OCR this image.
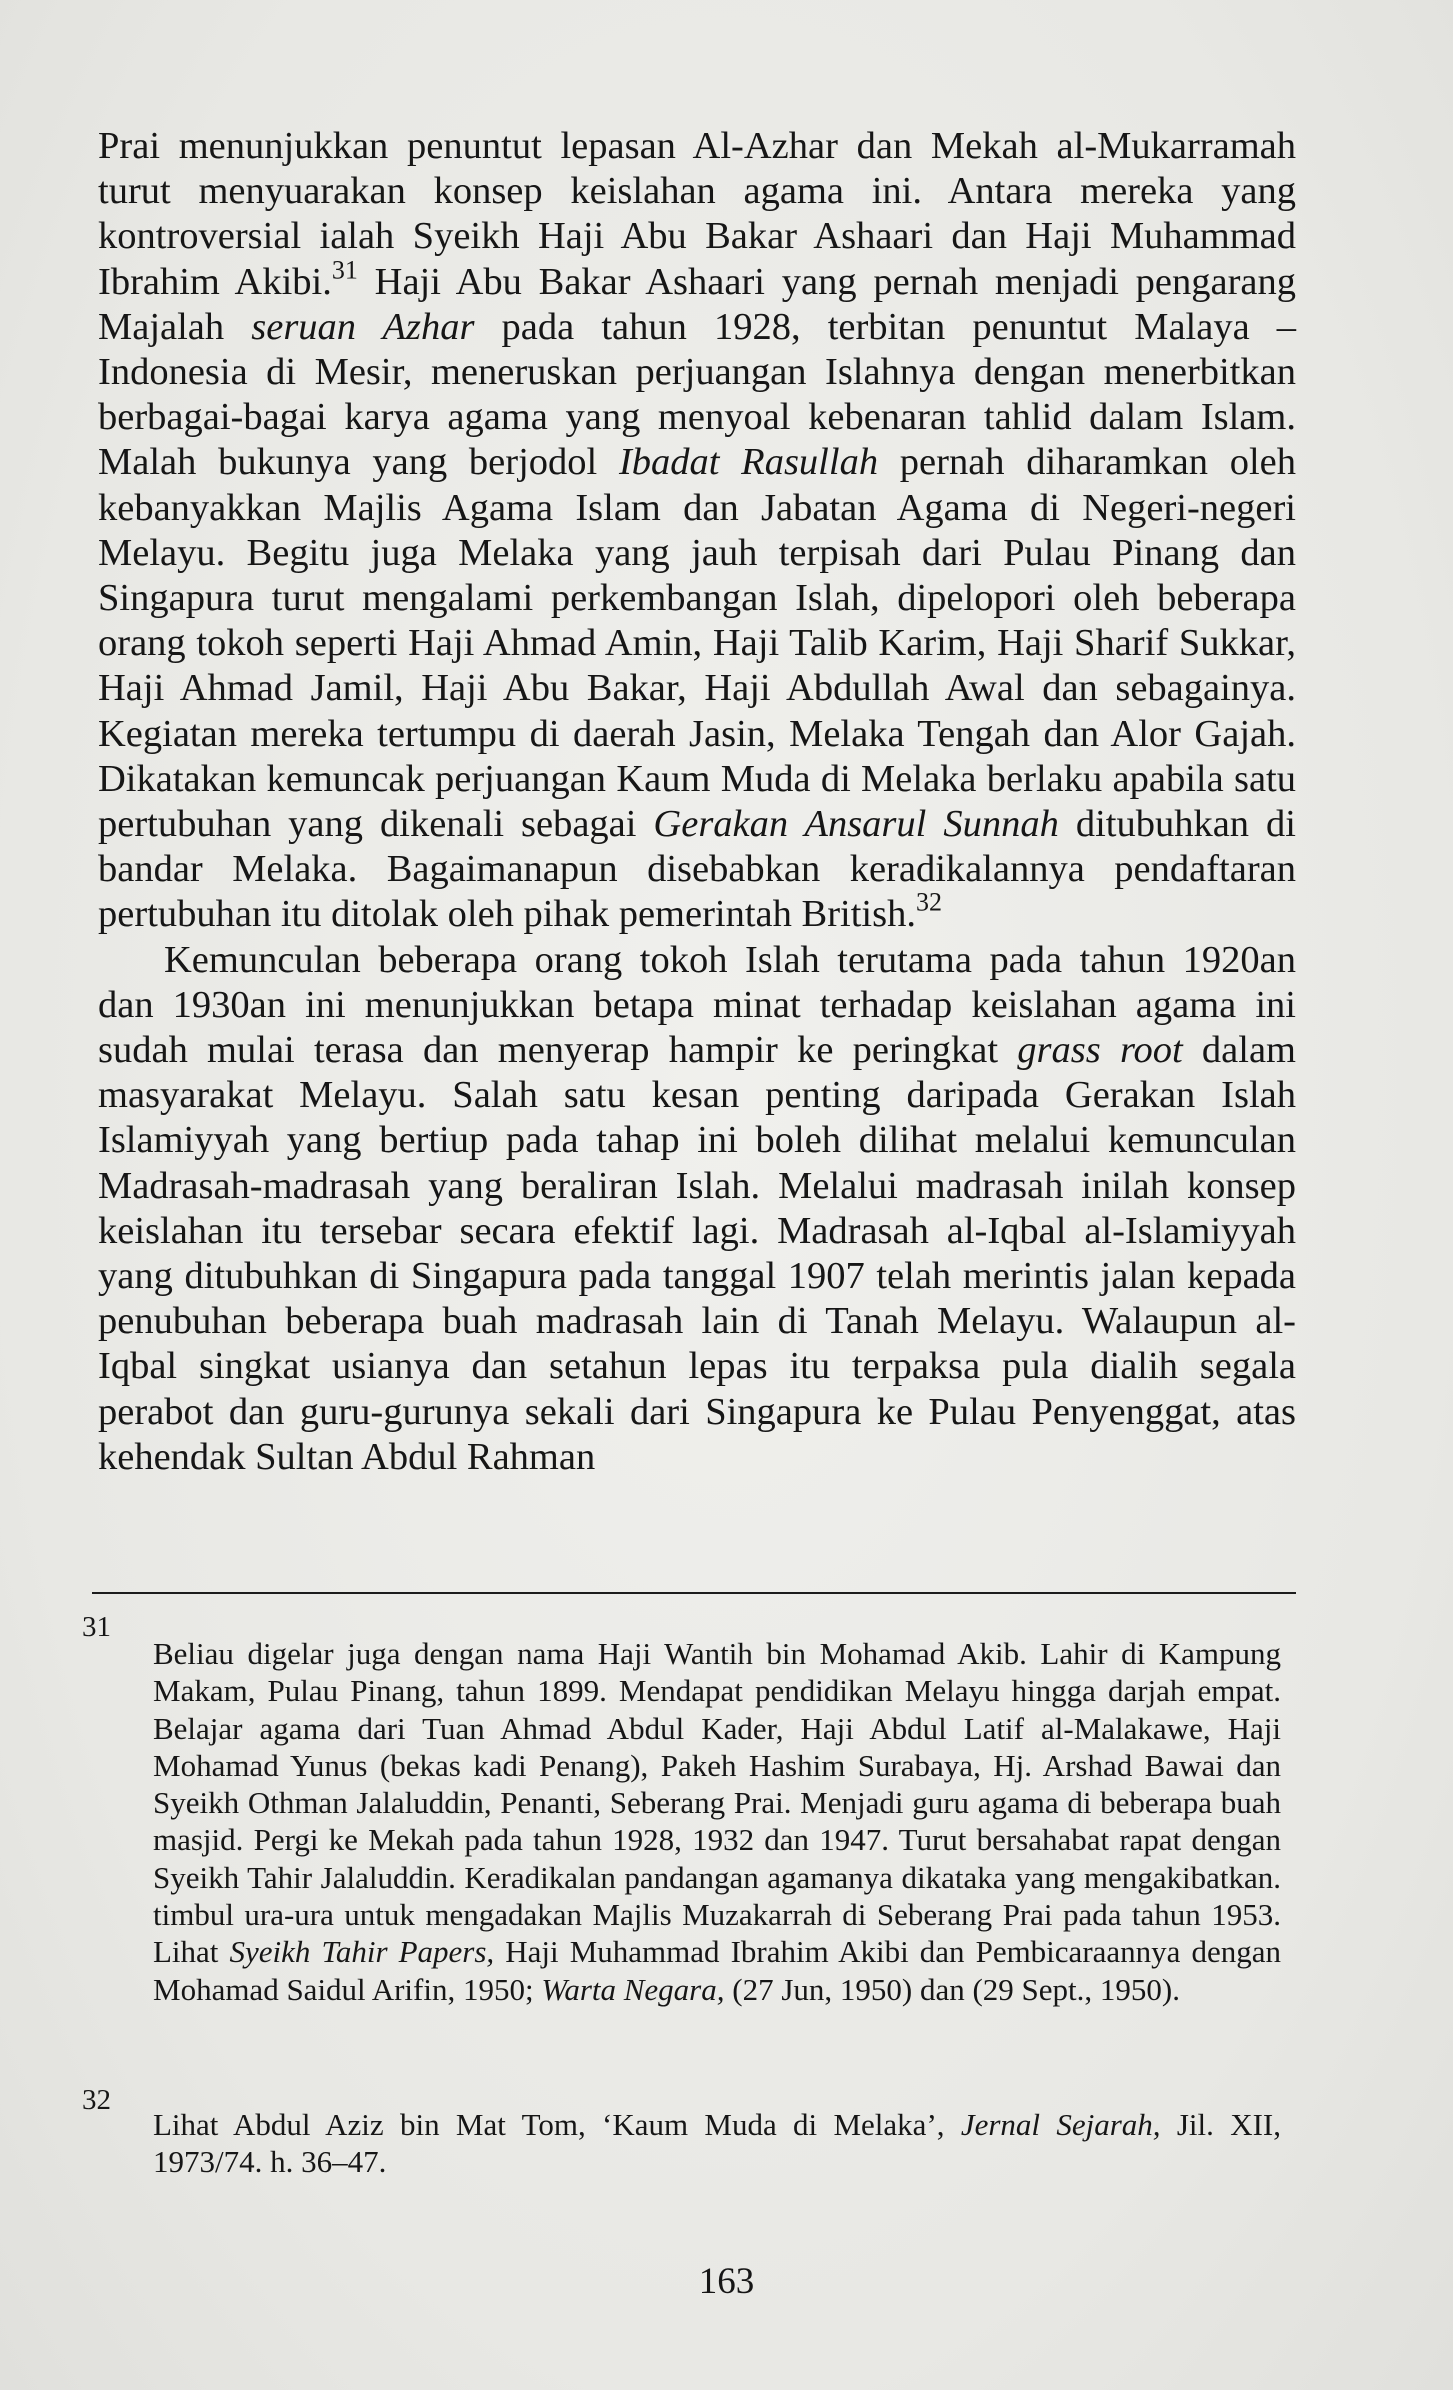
Prai menunjukkan penuntut lepasan Al-Azhar dan Mekah al-Mukarramah turut menyuarakan konsep keislahan agama ini. Antara mereka yang kontroversial ialah Syeikh Haji Abu Bakar Ashaari dan Haji Muhammad Ibrahim Akibi.$^{31}$ Haji Abu Bakar Ashaari yang pernah menjadi pengarang Majalah seruan Azhar pada tahun 1928, terbitan penuntut Malaya – Indonesia di Mesir, meneruskan perjuangan Islahnya dengan menerbitkan berbagai-bagai karya agama yang menyoal kebenaran tahlid dalam Islam. Malah bukunya yang berjodol Ibadat Rasullah pernah diharamkan oleh kebanyakkan Majlis Agama Islam dan Jabatan Agama di Negeri-negeri Melayu. Begitu juga Melaka yang jauh terpisah dari Pulau Pinang dan Singapura turut mengalami perkembangan Islah, dipelopori oleh beberapa orang tokoh seperti Haji Ahmad Amin, Haji Talib Karim, Haji Sharif Sukkar, Haji Ahmad Jamil, Haji Abu Bakar, Haji Abdullah Awal dan sebagainya. Kegiatan mereka tertumpu di daerah Jasin, Melaka Tengah dan Alor Gajah. Dikatakan kemuncak perjuangan Kaum Muda di Melaka berlaku apabila satu pertubuhan yang dikenali sebagai Gerakan Ansarul Sunnah ditubuhkan di bandar Melaka. Bagaimanapun disebabkan keradikalannya pendaftaran pertubuhan itu ditolak oleh pihak pemerintah British.$^{32}$

Kemunculan beberapa orang tokoh Islah terutama pada tahun 1920an dan 1930an ini menunjukkan betapa minat terhadap keislahan agama ini sudah mulai terasa dan menyerap hampir ke peringkat grass root dalam masyarakat Melayu. Salah satu kesan penting daripada Gerakan Islah Islamiyyah yang bertiup pada tahap ini boleh dilihat melalui kemunculan Madrasah-madrasah yang beraliran Islah. Melalui madrasah inilah konsep keislahan itu tersebar secara efektif lagi. Madrasah al-Iqbal al-Islamiyyah yang ditubuhkan di Singapura pada tanggal 1907 telah merintis jalan kepada penubuhan beberapa buah madrasah lain di Tanah Melayu. Walaupun al-Iqbal singkat usianya dan setahun lepas itu terpaksa pula dialih segala perabot dan guru-gurunya sekali dari Singapura ke Pulau Penyenggat, atas kehendak Sultan Abdul Rahman

31

Beliau digelar juga dengan nama Haji Wantih bin Mohamad Akib. Lahir di Kampung Makam, Pulau Pinang, tahun 1899. Mendapat pendidikan Melayu hingga darjah empat. Belajar agama dari Tuan Ahmad Abdul Kader, Haji Abdul Latif al-Malakawe, Haji Mohamad Yunus (bekas kadi Penang), Pakeh Hashim Surabaya, Hj. Arshad Bawai dan Syeikh Othman Jalaluddin, Penanti, Seberang Prai. Menjadi guru agama di beberapa buah masjid. Pergi ke Mekah pada tahun 1928, 1932 dan 1947. Turut bersahabat rapat dengan Syeikh Tahir Jalaluddin. Keradikalan pandangan agamanya dikataka yang mengakibatkan. timbul ura-ura untuk mengadakan Majlis Muzakarrah di Seberang Prai pada tahun 1953. Lihat Syeikh Tahir Papers, Haji Muhammad Ibrahim Akibi dan Pembicaraannya dengan Mohamad Saidul Arifin, 1950; Warta Negara, (27 Jun, 1950) dan (29 Sept., 1950).

32

Lihat Abdul Aziz bin Mat Tom, ‘Kaum Muda di Melaka’, Jernal Sejarah, Jil. XII, 1973/74. h. 36–47.

163
